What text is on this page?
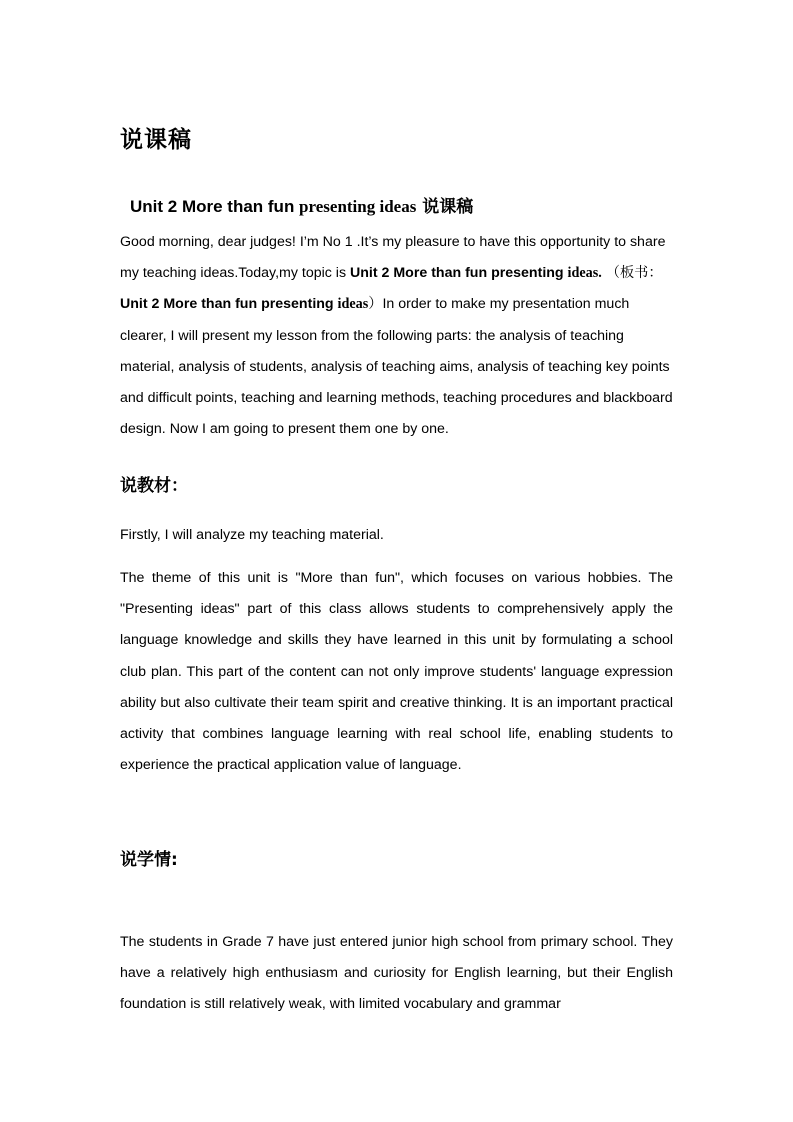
说课稿
Unit 2 More than fun presenting ideas 说课稿

Good morning, dear judges! I’m No 1 .It’s my pleasure to have this opportunity to share my teaching ideas.Today,my topic is Unit 2 More than fun presenting ideas. （板书： Unit 2 More than fun presenting ideas）In order to make my presentation much clearer, I will present my lesson from the following parts: the analysis of teaching material, analysis of students, analysis of teaching aims, analysis of teaching key points and difficult points, teaching and learning methods, teaching procedures and blackboard design. Now I am going to present them one by one.

说教材：

Firstly, I will analyze my teaching material.

The theme of this unit is "More than fun", which focuses on various hobbies. The "Presenting ideas" part of this class allows students to comprehensively apply the language knowledge and skills they have learned in this unit by formulating a school club plan. This part of the content can not only improve students' language expression ability but also cultivate their team spirit and creative thinking. It is an important practical activity that combines language learning with real school life, enabling students to experience the practical application value of language.

说学情:

The students in Grade 7 have just entered junior high school from primary school. They have a relatively high enthusiasm and curiosity for English learning, but their English foundation is still relatively weak, with limited vocabulary and grammar
